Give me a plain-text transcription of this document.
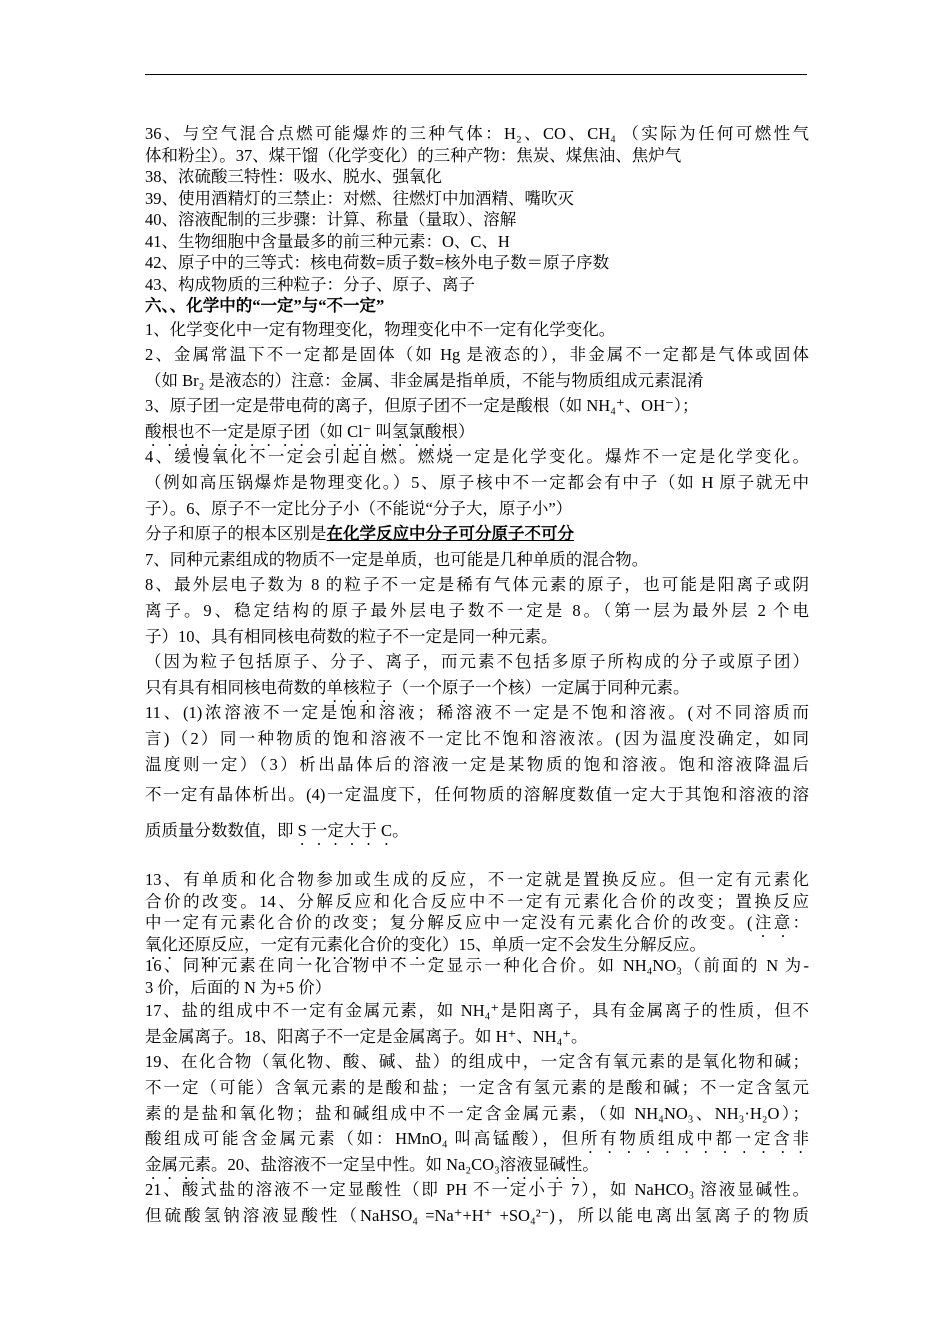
36、与空气混合点燃可能爆炸的三种气体：H₂、CO、CH₄ （实际为任何可燃性气
体和粉尘）。37、煤干馏（化学变化）的三种产物：焦炭、煤焦油、焦炉气
38、浓硫酸三特性：吸水、脱水、强氧化
39、使用酒精灯的三禁止：对燃、往燃灯中加酒精、嘴吹灭
40、溶液配制的三步骤：计算、称量（量取）、溶解
41、生物细胞中含量最多的前三种元素：O、C、H
42、原子中的三等式：核电荷数=质子数=核外电子数＝原子序数
43、构成物质的三种粒子：分子、原子、离子
六、、化学中的“一定”与“不一定”
1、化学变化中一定有物理变化，物理变化中不一定有化学变化。
2、金属常温下不一定都是固体（如 Hg 是液态的），非金属不一定都是气体或固体
（如 Br₂ 是液态的）注意：金属、非金属是指单质，不能与物质组成元素混淆
3、原子团一定是带电荷的离子，但原子团不一定是酸根（如 NH₄⁺、OH⁻）；
酸根也不一定是原子团（如 Cl⁻ 叫氢氯酸根）
4、缓慢氧化不一定会引起自燃。燃烧一定是化学变化。爆炸不一定是化学变化。
（例如高压锅爆炸是物理变化。）5、原子核中不一定都会有中子（如 H 原子就无中
子）。6、原子不一定比分子小（不能说“分子大，原子小”）
分子和原子的根本区别是在化学反应中分子可分原子不可分
7、同种元素组成的物质不一定是单质，也可能是几种单质的混合物。
8、最外层电子数为 8 的粒子不一定是稀有气体元素的原子，也可能是阳离子或阴
离子。9、稳定结构的原子最外层电子数不一定是 8。（第一层为最外层 2 个电
子）10、具有相同核电荷数的粒子不一定是同一种元素。
（因为粒子包括原子、分子、离子，而元素不包括多原子所构成的分子或原子团）
只有具有相同核电荷数的单核粒子（一个原子一个核）一定属于同种元素。
11、(1)浓溶液不一定是饱和溶液；稀溶液不一定是不饱和溶液。(对不同溶质而
言)（2）同一种物质的饱和溶液不一定比不饱和溶液浓。(因为温度没确定，如同
温度则一定）（3）析出晶体后的溶液一定是某物质的饱和溶液。饱和溶液降温后
不一定有晶体析出。(4)一定温度下，任何物质的溶解度数值一定大于其饱和溶液的溶
质质量分数数值，即 S 一定大于 C。
13、有单质和化合物参加或生成的反应，不一定就是置换反应。但一定有元素化
合价的改变。14、分解反应和化合反应中不一定有元素化合价的改变；置换反应
中一定有元素化合价的改变；复分解反应中一定没有元素化合价的改变。(注意：
氧化还原反应，一定有元素化合价的变化）15、单质一定不会发生分解反应。
16、同种元素在同一化合物中不一定显示一种化合价。如 NH₄NO₃（前面的 N 为-
3 价，后面的 N 为+5 价）
17、盐的组成中不一定有金属元素，如 NH₄⁺是阳离子，具有金属离子的性质，但不
是金属离子。18、阳离子不一定是金属离子。如 H⁺、NH₄⁺。
19、在化合物（氧化物、酸、碱、盐）的组成中，一定含有氧元素的是氧化物和碱；
不一定（可能）含氧元素的是酸和盐；一定含有氢元素的是酸和碱；不一定含氢元
素的是盐和氧化物；盐和碱组成中不一定含金属元素，（如 NH₄NO₃、NH₃·H₂O）；
酸组成可能含金属元素（如：HMnO₄ 叫高锰酸），但所有物质组成中都一定含非
金属元素。20、盐溶液不一定呈中性。如 Na₂CO₃溶液显碱性。
21、酸式盐的溶液不一定显酸性（即 PH 不一定小于 7），如 NaHCO₃ 溶液显碱性。
但硫酸氢钠溶液显酸性（NaHSO₄ =Na⁺+H⁺ +SO₄²⁻)，所以能电离出氢离子的物质
